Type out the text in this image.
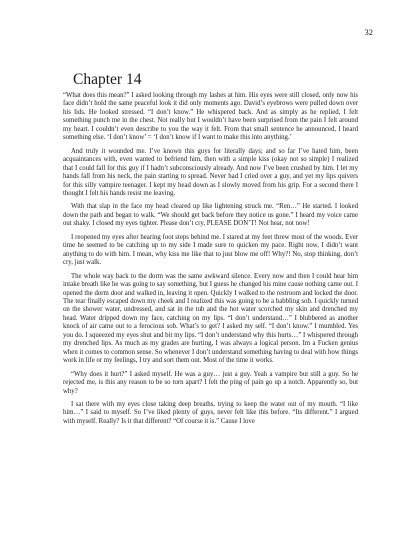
32
Chapter 14

“What does this mean?” I asked looking through my lashes at him. His eyes were still closed, only now his face didn’t hold the same peaceful look it did only moments ago. David’s eyebrows were pulled down over his lids. He looked stressed. “I don’t know.” He whispered back. And as simply as he replied, I felt something punch me in the chest. Not really but I wouldn’t have been surprised from the pain I felt around my heart. I couldn’t even describe to you the way it felt. From that small sentence he announced, I heard something else. ‘I don’t know’ = ‘I don’t know if I want to make this into anything.’

And truly it wounded me. I’ve known this guys for literally days; and so far I’ve hated him, been acquaintances with, even wanted to befriend him, then with a simple kiss (okay not so simple) I realized that I could fall for this guy if I hadn’t subconsciously already. And now I’ve been crushed by him. I let my hands fall from his neck, the pain starting to spread. Never had I cried over a guy, and yet my lips quivers for this silly vampire teenager. I kept my head down as I slowly moved from his grip. For a second there I thought I felt his hands resist me leaving.

With that slap in the face my head cleared up like lightening struck me. “Ren…” He started. I looked down the path and began to walk. “We should get back before they notice us gone.” I heard my voice came out shaky. I closed my eyes tighter. Please don’t cry, PLEASE DON’T! Not hear, not now!

I reopened my eyes after hearing foot steps behind me. I stared at my feet threw most of the woods. Ever time he seemed to be catching up to my side I made sure to quicken my pace. Right now, I didn’t want anything to do with him. I mean, why kiss me like that to just blow me off! Why?! No, stop thinking, don’t cry, just walk.

The whole way back to the dorm was the same awkward silence. Every now and then I could hear him intake breath like he was going to say something, but I guess he changed his mine cause nothing came out. I opened the dorm door and walked in, leaving it open. Quickly I walked to the restroom and locked the door. The tear finally escaped down my cheek and I realized this was going to be a babbling sob. I quickly turned on the shower water, undressed, and sat in the tub and the hot water scorched my skin and drenched my head. Water dripped down my face, catching on my lips. “I don’t understand…” I blubbered as another knock of air came out to a ferocious sob. What’s to get? I asked my self. “I don’t know.” I mumbled. Yes you do. I squeezed my eyes shut and bit my lips. “I don’t understand why this hurts…” I whispered through my drenched lips. As much as my grades are hurting, I was always a logical person. Im a Fucken genius when it comes to common sense. So whenever I don’t understand something having to deal with how things work in life or my feelings, I try and sort them out. Most of the time it works.

“Why does it hurt?” I asked myself. He was a guy… just a guy. Yeah a vampire but still a guy. So he rejected me, is this any reason to be so torn apart? I felt the ping of pain go up a notch. Apparently so, but why?

I sat there with my eyes close taking deep breaths, trying to keep the water out of my mouth. “I like him…” I said to myself. So I’ve liked plenty of guys, never felt like this before. “Its different.” I argued with myself. Really? Is it that different? “Of course it is.” Cause I love
